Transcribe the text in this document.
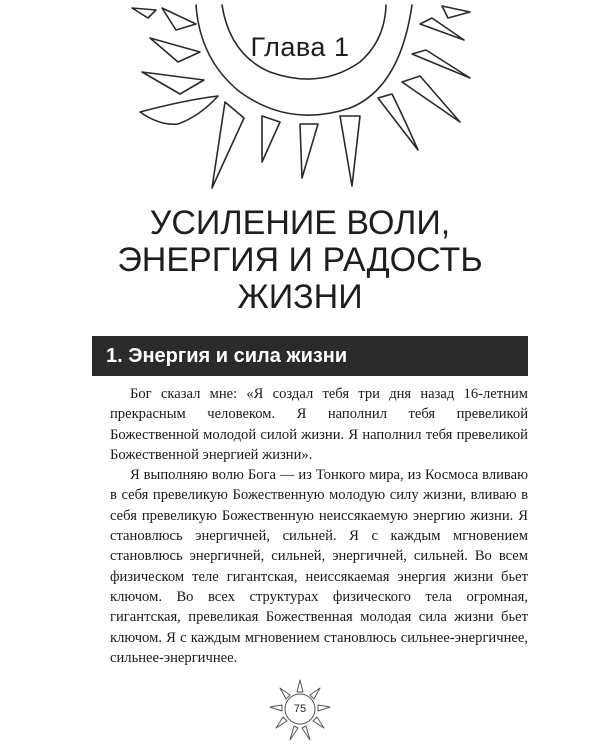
Глава 1
УСИЛЕНИЕ ВОЛИ,
ЭНЕРГИЯ И РАДОСТЬ
ЖИЗНИ
1. Энергия и сила жизни

Бог сказал мне: «Я создал тебя три дня назад 16-летним прекрасным человеком. Я наполнил тебя превеликой Божественной молодой силой жизни. Я наполнил тебя превеликой Божественной энергией жизни».

Я выполняю волю Бога — из Тонкого мира, из Космоса вливаю в себя превеликую Божественную молодую силу жизни, вливаю в себя превеликую Божественную неиссякаемую энергию жизни. Я становлюсь энергичней, сильней. Я с каждым мгновением становлюсь энергичней, сильней, энергичней, сильней. Во всем физическом теле гигантская, неиссякаемая энергия жизни бьет ключом. Во всех структурах физического тела огромная, гигантская, превеликая Божественная молодая сила жизни бьет ключом. Я с каждым мгновением становлюсь сильнее-энергичнее, сильнее-энергичнее.

75
